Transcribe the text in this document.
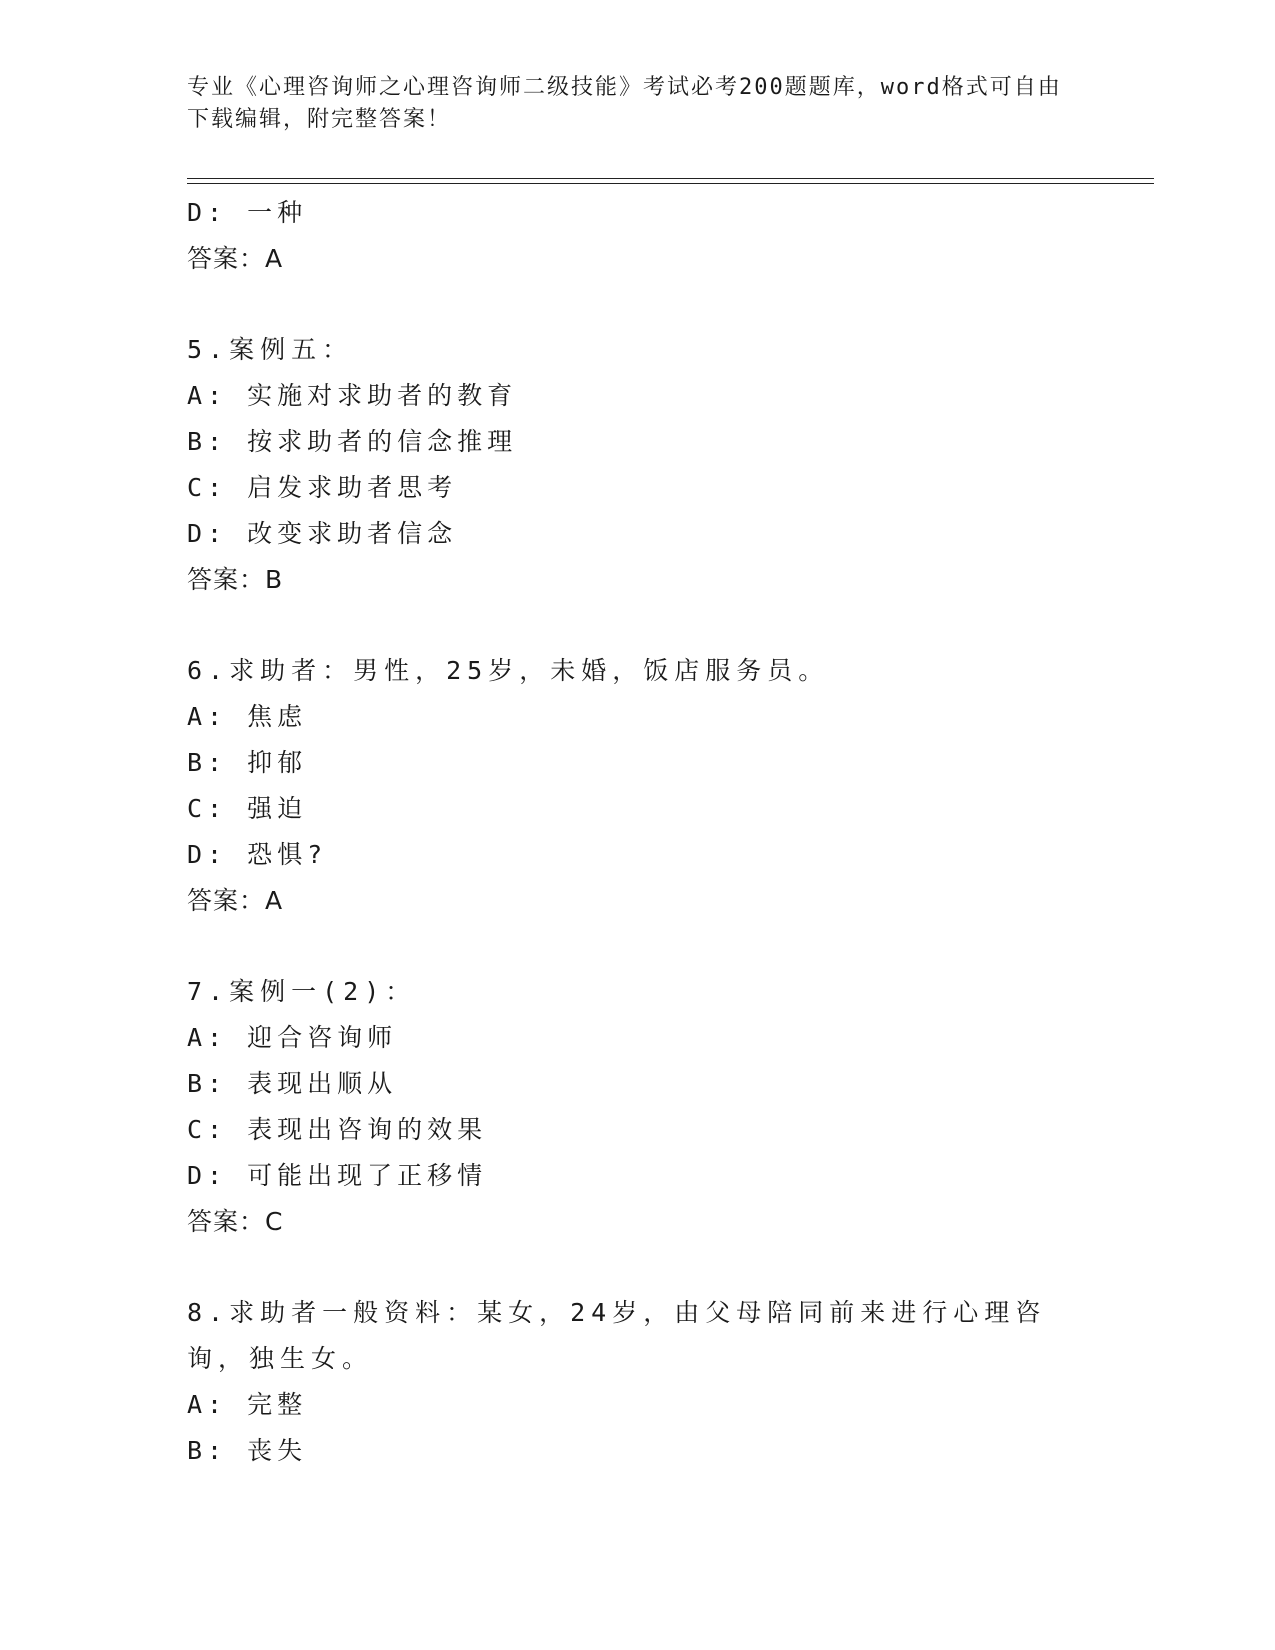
专业《心理咨询师之心理咨询师二级技能》考试必考200题题库，word格式可自由下载编辑，附完整答案！
D: 一种
答案：A
5.案例五：
A: 实施对求助者的教育
B: 按求助者的信念推理
C: 启发求助者思考
D: 改变求助者信念
答案：B
6.求助者：男性，25岁，未婚，饭店服务员。
A: 焦虑
B: 抑郁
C: 强迫
D: 恐惧?
答案：A
7.案例一(2)：
A: 迎合咨询师
B: 表现出顺从
C: 表现出咨询的效果
D: 可能出现了正移情
答案：C
8.求助者一般资料：某女，24岁，由父母陪同前来进行心理咨询，独生女。
A: 完整
B: 丧失
